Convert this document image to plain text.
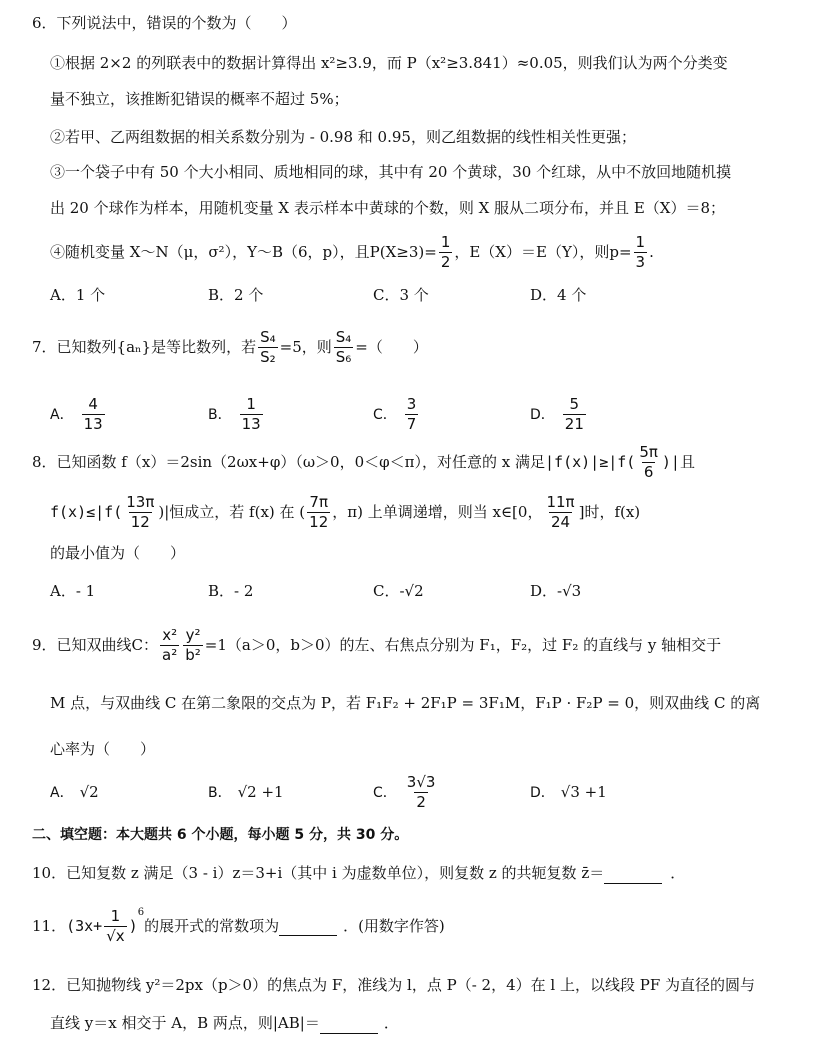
6．下列说法中，错误的个数为（　　）
①根据 2×2 的列联表中的数据计算得出 x²≥3.9，而 P（x²≥3.841）≈0.05，则我们认为两个分类变
量不独立，该推断犯错误的概率不超过 5%；
②若甲、乙两组数据的相关系数分别为 - 0.98 和 0.95，则乙组数据的线性相关性更强；
③一个袋子中有 50 个大小相同、质地相同的球，其中有 20 个黄球，30 个红球，从中不放回地随机摸
出 20 个球作为样本，用随机变量 X 表示样本中黄球的个数，则 X 服从二项分布，并且 E（X）＝8；
④随机变量 X～N（μ，σ²），Y～B（6，p），且$P(X\ge 3)= \frac{1}{2}$ ，E（X）＝E（Y），则$p= \frac{1}{3}$ .
A．1 个	B．2 个	C．3 个	D．4 个
7．已知数列{aₙ}是等比数列，若 $\frac{\text{S₄}}{\text{S₂}} =5$，则 $\frac{\text{S₄}}{\text{S₆}}$ =（　　）
A． $\frac{4}{13}$	B． $\frac{1}{13}$	C． $\frac{3}{7}$	D． $\frac{5}{21}$
8．已知函数 f（x）＝2sin（2ωx+φ）（ω＞0，0＜φ＜π），对任意的 x 满足 $|f(x)|\ge|f( \frac{5\pi}{6}$ )|且
$f(x)\le|f( \frac{13\pi}{12}$ )|恒成立，若 f(x) 在 ( $\frac{7\pi}{12}$ ，π) 上单调递增，则当 x∈[0， $\frac{11\pi}{24}$ ]时，f(x)
的最小值为（　　）
A．- 1	B．- 2	C．-√2	D．-√3
9．已知双曲线C： $\frac{\text{x²}}{\text{a²}} \frac{\text{y²}}{\text{b²}} =1(a>0$，b＞0）的左、右焦点分别为 F₁，F₂，过 F₂ 的直线与 y 轴相交于
M 点，与双曲线 C 在第二象限的交点为 P，若 F₁F₂ + 2F₁P = 3F₁M，F₁P · F₂P = 0，则双曲线 C 的离
心率为（　　）
A． √2	B． √2 +1	C． $\frac{3√3}{2}$	D． √3 +1
二、填空题：本大题共 6 个小题，每小题 5 分，共 30 分。
10．已知复数 z 满足（3 - i）z＝3+i（其中 i 为虚数单位），则复数 z 的共轭复数 z̄＝	．
11． ($3x+ \frac{1}{√x}$ )
6
的展开式的常数项为	．(用数字作答)
12．已知抛物线 y²＝2px（p＞0）的焦点为 F，准线为 l，点 P（- 2，4）在 l 上，以线段 PF 为直径的圆与
直线 y＝x 相交于 A，B 两点，则|AB|＝	．
